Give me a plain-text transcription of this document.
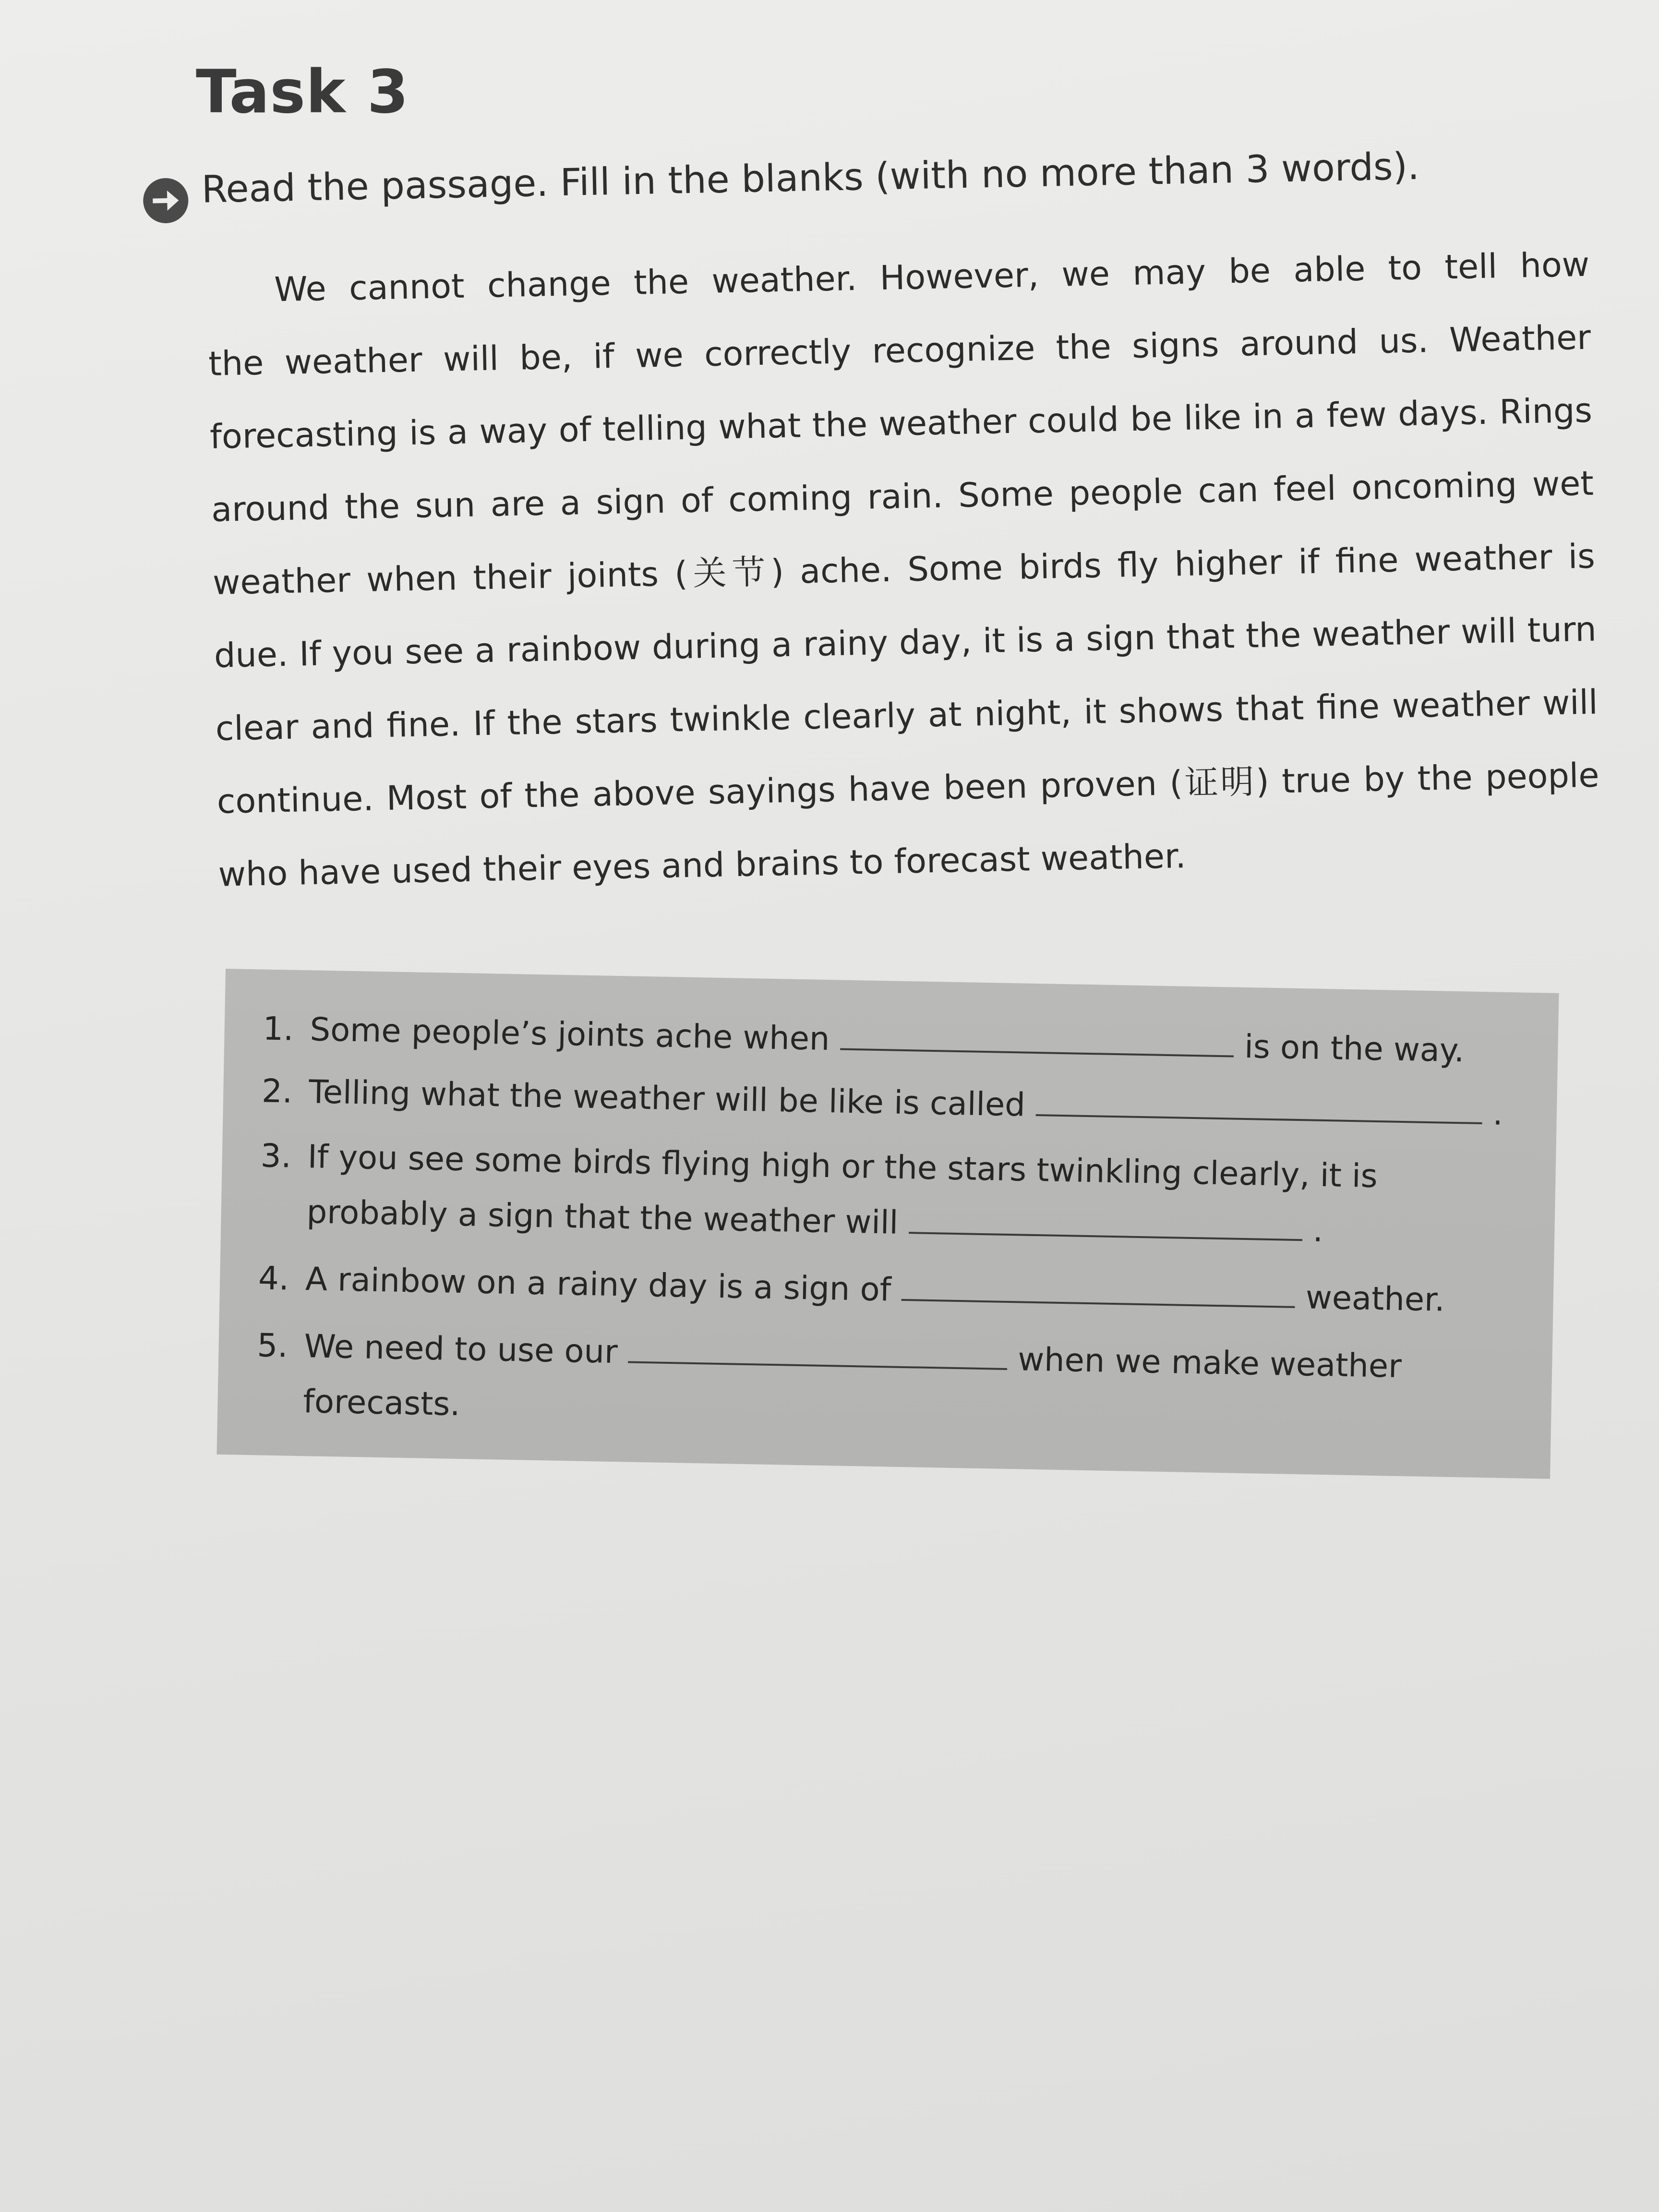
Task 3
Read the passage. Fill in the blanks (with no more than 3 words).
We cannot change the weather. However, we may be able to tell how
the weather will be, if we correctly recognize the signs around us. Weather
forecasting is a way of telling what the weather could be like in a few days. Rings
around the sun are a sign of coming rain. Some people can feel oncoming wet
weather when their joints (关节) ache. Some birds fly higher if fine weather is
due. If you see a rainbow during a rainy day, it is a sign that the weather will turn
clear and fine. If the stars twinkle clearly at night, it shows that fine weather will
continue. Most of the above sayings have been proven (证明) true by the people
who have used their eyes and brains to forecast weather.
1. Some people’s joints ache when	is on the way.
2. Telling what the weather will be like is called	.
3. If you see some birds flying high or the stars twinkling clearly, it is
probably a sign that the weather will	.
4. A rainbow on a rainy day is a sign of	weather.
5. We need to use our	when we make weather
forecasts.
